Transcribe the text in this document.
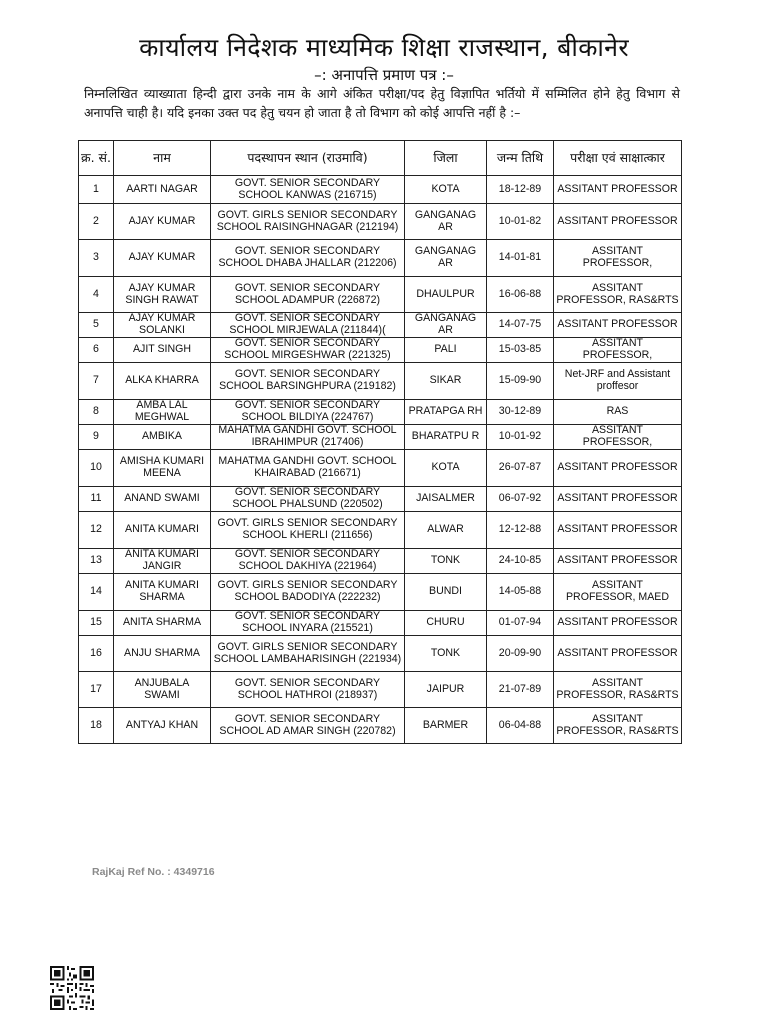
कार्यालय निदेशक माध्यमिक शिक्षा राजस्थान, बीकानेर
–: अनापत्ति प्रमाण पत्र :–
निम्नलिखित व्याख्याता हिन्दी द्वारा उनके नाम के आगे अंकित परीक्षा/पद हेतु विज्ञापित भर्तियो में सम्मिलित होने हेतु विभाग से अनापत्ति चाही है। यदि इनका उक्त पद हेतु चयन हो जाता है तो विभाग को कोई आपत्ति नहीं है :–
क्र. सं.	नाम	पदस्थापन स्थान (राउमावि)	जिला	जन्म तिथि	परीक्षा एवं साक्षात्कार
1	AARTI NAGAR	GOVT. SENIOR SECONDARY SCHOOL KANWAS (216715)	KOTA	18-12-89	ASSITANT PROFESSOR
2	AJAY KUMAR	GOVT. GIRLS SENIOR SECONDARY SCHOOL RAISINGHNAGAR (212194)	GANGANAG AR	10-01-82	ASSITANT PROFESSOR
3	AJAY KUMAR	GOVT. SENIOR SECONDARY SCHOOL DHABA JHALLAR (212206)	GANGANAG AR	14-01-81	ASSITANT PROFESSOR,
4	AJAY KUMAR SINGH RAWAT	GOVT. SENIOR SECONDARY SCHOOL ADAMPUR (226872)	DHAULPUR	16-06-88	ASSITANT PROFESSOR, RAS&RTS
5	AJAY KUMAR SOLANKI	GOVT. SENIOR SECONDARY SCHOOL MIRJEWALA (211844)(	GANGANAG AR	14-07-75	ASSITANT PROFESSOR
6	AJIT SINGH	GOVT. SENIOR SECONDARY SCHOOL MIRGESHWAR (221325)	PALI	15-03-85	ASSITANT PROFESSOR,
7	ALKA KHARRA	GOVT. SENIOR SECONDARY SCHOOL BARSINGHPURA (219182)	SIKAR	15-09-90	Net-JRF and Assistant proffesor
8	AMBA LAL MEGHWAL	GOVT. SENIOR SECONDARY SCHOOL BILDIYA (224767)	PRATAPGA RH	30-12-89	RAS
9	AMBIKA	MAHATMA GANDHI GOVT. SCHOOL IBRAHIMPUR (217406)	BHARATPU R	10-01-92	ASSITANT PROFESSOR,
10	AMISHA KUMARI MEENA	MAHATMA GANDHI GOVT. SCHOOL KHAIRABAD (216671)	KOTA	26-07-87	ASSITANT PROFESSOR
11	ANAND SWAMI	GOVT. SENIOR SECONDARY SCHOOL PHALSUND (220502)	JAISALMER	06-07-92	ASSITANT PROFESSOR
12	ANITA KUMARI	GOVT. GIRLS SENIOR SECONDARY SCHOOL KHERLI (211656)	ALWAR	12-12-88	ASSITANT PROFESSOR
13	ANITA KUMARI JANGIR	GOVT. SENIOR SECONDARY SCHOOL DAKHIYA (221964)	TONK	24-10-85	ASSITANT PROFESSOR
14	ANITA KUMARI SHARMA	GOVT. GIRLS SENIOR SECONDARY SCHOOL BADODIYA (222232)	BUNDI	14-05-88	ASSITANT PROFESSOR, MAED
15	ANITA SHARMA	GOVT. SENIOR SECONDARY SCHOOL INYARA (215521)	CHURU	01-07-94	ASSITANT PROFESSOR
16	ANJU SHARMA	GOVT. GIRLS SENIOR SECONDARY SCHOOL LAMBAHARISINGH (221934)	TONK	20-09-90	ASSITANT PROFESSOR
17	ANJUBALA SWAMI	GOVT. SENIOR SECONDARY SCHOOL HATHROI (218937)	JAIPUR	21-07-89	ASSITANT PROFESSOR, RAS&RTS
18	ANTYAJ KHAN	GOVT. SENIOR SECONDARY SCHOOL AD AMAR SINGH (220782)	BARMER	06-04-88	ASSITANT PROFESSOR, RAS&RTS
RajKaj Ref No. : 4349716
